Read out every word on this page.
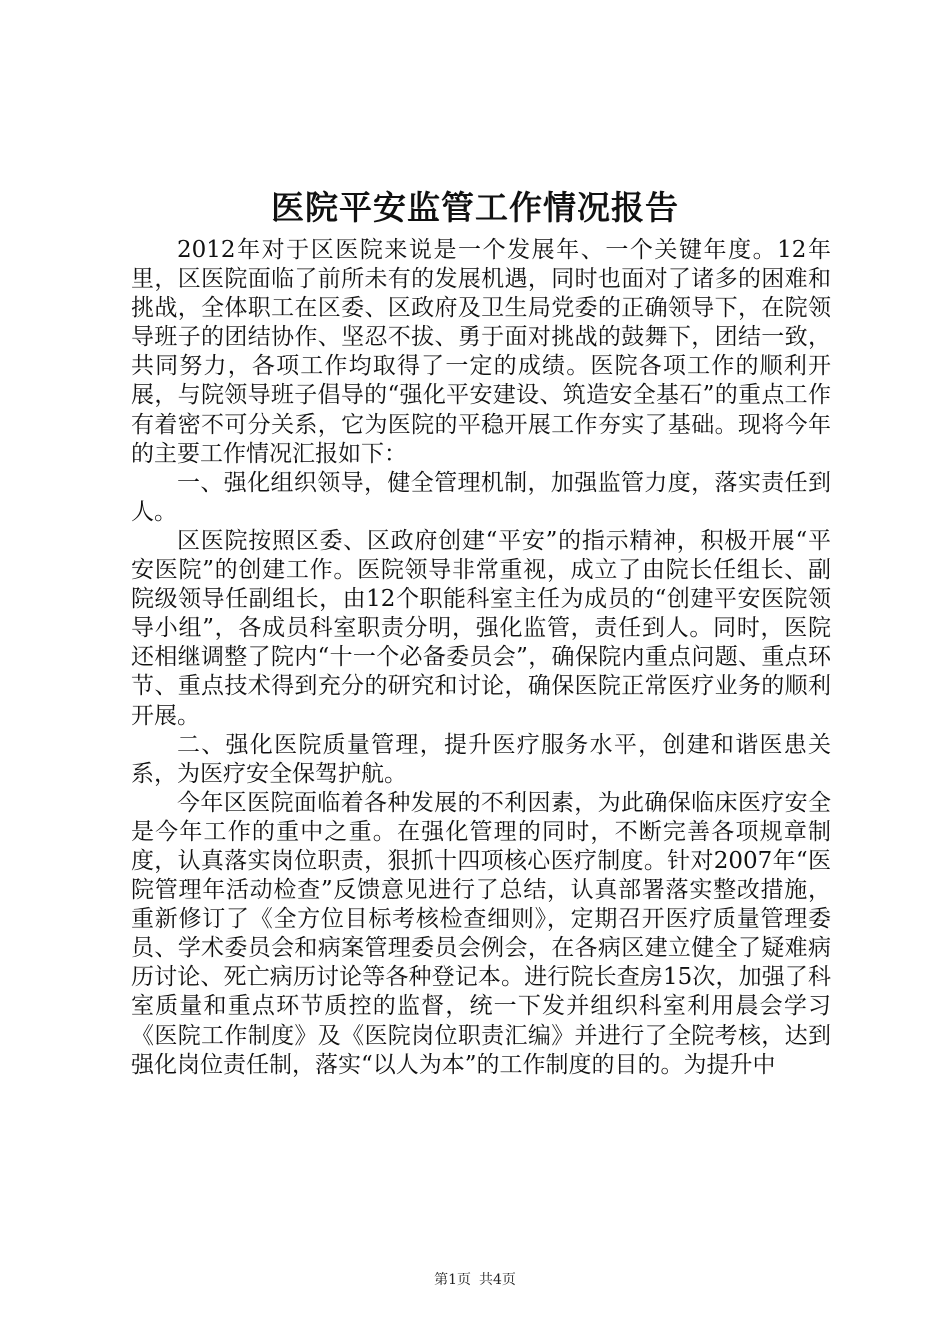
医院平安监管工作情况报告

2012年对于区医院来说是一个发展年、一个关键年度。12年里，区医院面临了前所未有的发展机遇，同时也面对了诸多的困难和挑战，全体职工在区委、区政府及卫生局党委的正确领导下，在院领导班子的团结协作、坚忍不拔、勇于面对挑战的鼓舞下，团结一致，共同努力，各项工作均取得了一定的成绩。医院各项工作的顺利开展，与院领导班子倡导的“强化平安建设、筑造安全基石”的重点工作有着密不可分关系，它为医院的平稳开展工作夯实了基础。现将今年的主要工作情况汇报如下：

一、强化组织领导，健全管理机制，加强监管力度，落实责任到人。

区医院按照区委、区政府创建“平安”的指示精神，积极开展“平安医院”的创建工作。医院领导非常重视，成立了由院长任组长、副院级领导任副组长，由12个职能科室主任为成员的“创建平安医院领导小组”，各成员科室职责分明，强化监管，责任到人。同时，医院还相继调整了院内“十一个必备委员会”，确保院内重点问题、重点环节、重点技术得到充分的研究和讨论，确保医院正常医疗业务的顺利开展。

二、强化医院质量管理，提升医疗服务水平，创建和谐医患关系，为医疗安全保驾护航。

今年区医院面临着各种发展的不利因素，为此确保临床医疗安全是今年工作的重中之重。在强化管理的同时，不断完善各项规章制度，认真落实岗位职责，狠抓十四项核心医疗制度。针对2007年“医院管理年活动检查”反馈意见进行了总结，认真部署落实整改措施，重新修订了《全方位目标考核检查细则》，定期召开医疗质量管理委员、学术委员会和病案管理委员会例会，在各病区建立健全了疑难病历讨论、死亡病历讨论等各种登记本。进行院长查房15次，加强了科室质量和重点环节质控的监督，统一下发并组织科室利用晨会学习《医院工作制度》及《医院岗位职责汇编》并进行了全院考核，达到强化岗位责任制，落实“以人为本”的工作制度的目的。为提升中

第1页 共4页
